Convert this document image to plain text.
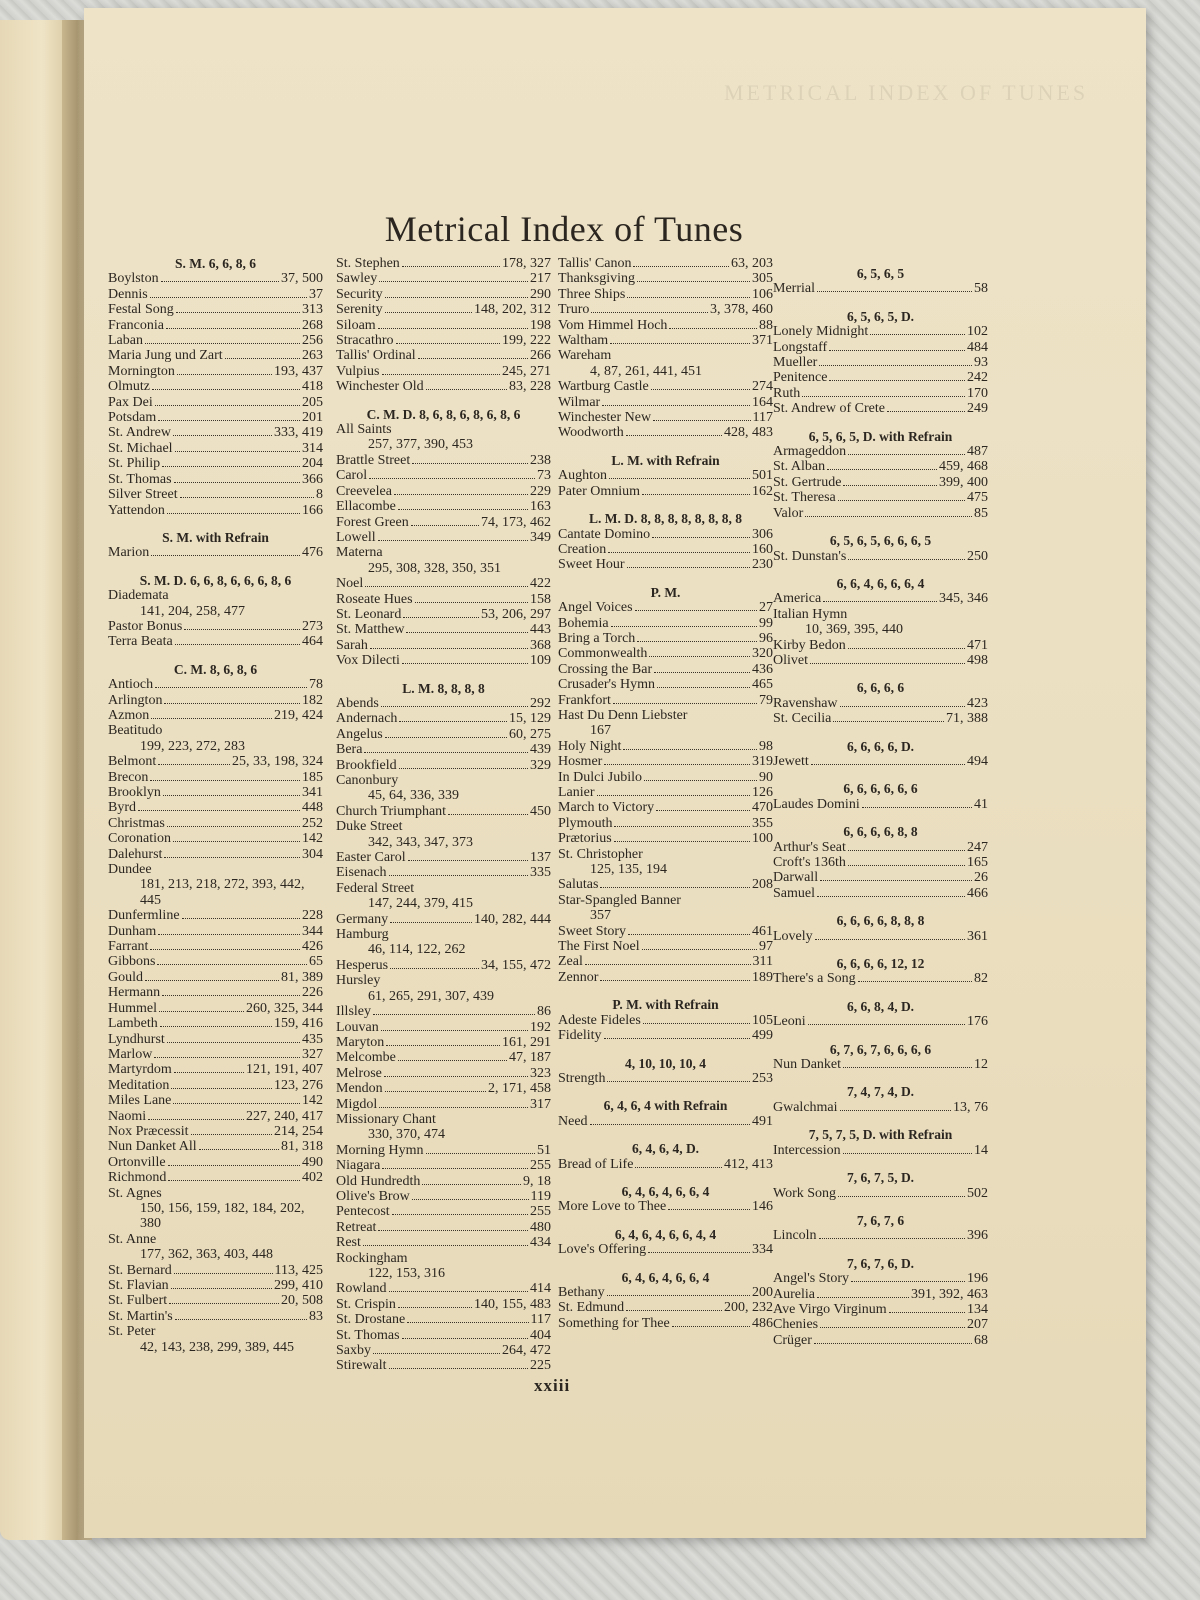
METRICAL INDEX OF TUNES
Metrical Index of Tunes
S. M. 6, 6, 8, 6
Boylston	37, 500
Dennis	37
Festal Song	313
Franconia	268
Laban	256
Maria Jung und Zart	263
Mornington	193, 437
Olmutz	418
Pax Dei	205
Potsdam	201
St. Andrew	333, 419
St. Michael	314
St. Philip	204
St. Thomas	366
Silver Street	8
Yattendon	166
S. M. with Refrain
Marion	476
S. M. D. 6, 6, 8, 6, 6, 6, 8, 6
Diademata
141, 204, 258, 477
Pastor Bonus	273
Terra Beata	464
C. M. 8, 6, 8, 6
Antioch	78
Arlington	182
Azmon	219, 424
Beatitudo
199, 223, 272, 283
Belmont	25, 33, 198, 324
Brecon	185
Brooklyn	341
Byrd	448
Christmas	252
Coronation	142
Dalehurst	304
Dundee
181, 213, 218, 272, 393, 442, 445
Dunfermline	228
Dunham	344
Farrant	426
Gibbons	65
Gould	81, 389
Hermann	226
Hummel	260, 325, 344
Lambeth	159, 416
Lyndhurst	435
Marlow	327
Martyrdom	121, 191, 407
Meditation	123, 276
Miles Lane	142
Naomi	227, 240, 417
Nox Præcessit	214, 254
Nun Danket All	81, 318
Ortonville	490
Richmond	402
St. Agnes
150, 156, 159, 182, 184, 202, 380
St. Anne
177, 362, 363, 403, 448
St. Bernard	113, 425
St. Flavian	299, 410
St. Fulbert	20, 508
St. Martin's	83
St. Peter
42, 143, 238, 299, 389, 445
St. Stephen	178, 327
Sawley	217
Security	290
Serenity	148, 202, 312
Siloam	198
Stracathro	199, 222
Tallis' Ordinal	266
Vulpius	245, 271
Winchester Old	83, 228
C. M. D. 8, 6, 8, 6, 8, 6, 8, 6
All Saints
257, 377, 390, 453
Brattle Street	238
Carol	73
Creevelea	229
Ellacombe	163
Forest Green	74, 173, 462
Lowell	349
Materna
295, 308, 328, 350, 351
Noel	422
Roseate Hues	158
St. Leonard	53, 206, 297
St. Matthew	443
Sarah	368
Vox Dilecti	109
L. M. 8, 8, 8, 8
Abends	292
Andernach	15, 129
Angelus	60, 275
Bera	439
Brookfield	329
Canonbury
45, 64, 336, 339
Church Triumphant	450
Duke Street
342, 343, 347, 373
Easter Carol	137
Eisenach	335
Federal Street
147, 244, 379, 415
Germany	140, 282, 444
Hamburg
46, 114, 122, 262
Hesperus	34, 155, 472
Hursley
61, 265, 291, 307, 439
Illsley	86
Louvan	192
Maryton	161, 291
Melcombe	47, 187
Melrose	323
Mendon	2, 171, 458
Migdol	317
Missionary Chant
330, 370, 474
Morning Hymn	51
Niagara	255
Old Hundredth	9, 18
Olive's Brow	119
Pentecost	255
Retreat	480
Rest	434
Rockingham
122, 153, 316
Rowland	414
St. Crispin	140, 155, 483
St. Drostane	117
St. Thomas	404
Saxby	264, 472
Stirewalt	225
Tallis' Canon	63, 203
Thanksgiving	305
Three Ships	106
Truro	3, 378, 460
Vom Himmel Hoch	88
Waltham	371
Wareham
4, 87, 261, 441, 451
Wartburg Castle	274
Wilmar	164
Winchester New	117
Woodworth	428, 483
L. M. with Refrain
Aughton	501
Pater Omnium	162
L. M. D. 8, 8, 8, 8, 8, 8, 8, 8
Cantate Domino	306
Creation	160
Sweet Hour	230
P. M.
Angel Voices	27
Bohemia	99
Bring a Torch	96
Commonwealth	320
Crossing the Bar	436
Crusader's Hymn	465
Frankfort	79
Hast Du Denn Liebster
167
Holy Night	98
Hosmer	319
In Dulci Jubilo	90
Lanier	126
March to Victory	470
Plymouth	355
Prætorius	100
St. Christopher
125, 135, 194
Salutas	208
Star-Spangled Banner
357
Sweet Story	461
The First Noel	97
Zeal	311
Zennor	189
P. M. with Refrain
Adeste Fideles	105
Fidelity	499
4, 10, 10, 10, 4
Strength	253
6, 4, 6, 4 with Refrain
Need	491
6, 4, 6, 4, D.
Bread of Life	412, 413
6, 4, 6, 4, 6, 6, 4
More Love to Thee	146
6, 4, 6, 4, 6, 6, 4, 4
Love's Offering	334
6, 4, 6, 4, 6, 6, 4
Bethany	200
St. Edmund	200, 232
Something for Thee	486
6, 5, 6, 5
Merrial	58
6, 5, 6, 5, D.
Lonely Midnight	102
Longstaff	484
Mueller	93
Penitence	242
Ruth	170
St. Andrew of Crete	249
6, 5, 6, 5, D. with Refrain
Armageddon	487
St. Alban	459, 468
St. Gertrude	399, 400
St. Theresa	475
Valor	85
6, 5, 6, 5, 6, 6, 6, 5
St. Dunstan's	250
6, 6, 4, 6, 6, 6, 4
America	345, 346
Italian Hymn
10, 369, 395, 440
Kirby Bedon	471
Olivet	498
6, 6, 6, 6
Ravenshaw	423
St. Cecilia	71, 388
6, 6, 6, 6, D.
Jewett	494
6, 6, 6, 6, 6, 6
Laudes Domini	41
6, 6, 6, 6, 8, 8
Arthur's Seat	247
Croft's 136th	165
Darwall	26
Samuel	466
6, 6, 6, 6, 8, 8, 8
Lovely	361
6, 6, 6, 6, 12, 12
There's a Song	82
6, 6, 8, 4, D.
Leoni	176
6, 7, 6, 7, 6, 6, 6, 6
Nun Danket	12
7, 4, 7, 4, D.
Gwalchmai	13, 76
7, 5, 7, 5, D. with Refrain
Intercession	14
7, 6, 7, 5, D.
Work Song	502
7, 6, 7, 6
Lincoln	396
7, 6, 7, 6, D.
Angel's Story	196
Aurelia	391, 392, 463
Ave Virgo Virginum	134
Chenies	207
Crüger	68
xxiii
